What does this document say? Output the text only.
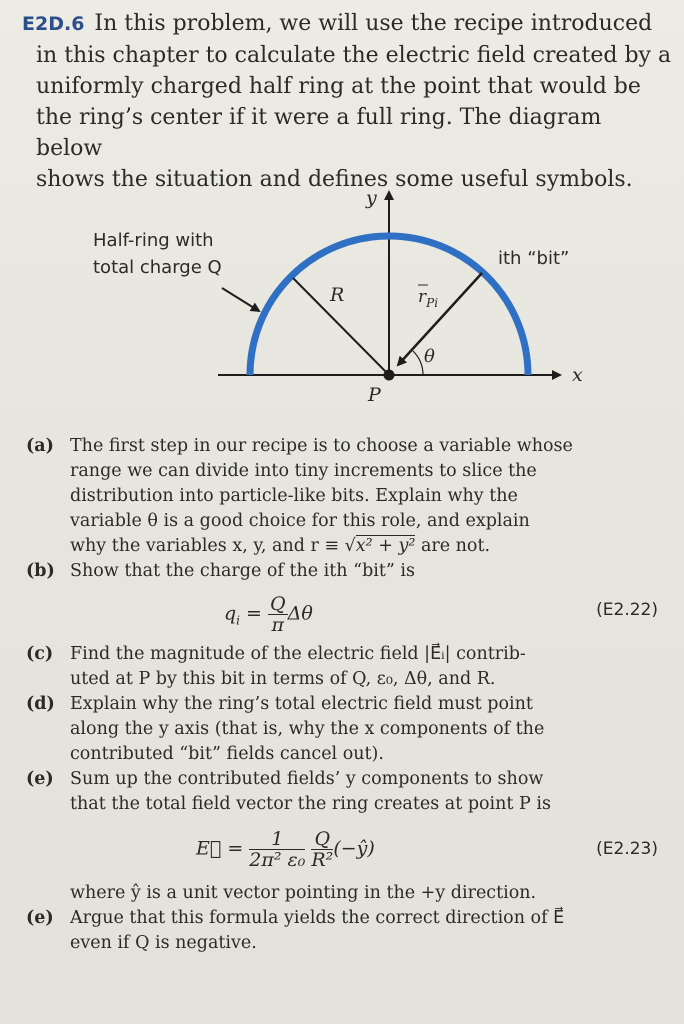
E2D.6 In this problem, we will use the recipe introduced
in this chapter to calculate the electric field created by a
uniformly charged half ring at the point that would be
the ring’s center if it were a full ring. The diagram below
shows the situation and defines some useful symbols.
x
y
R	$r_{Pi}$
θ
P
Half-ring with
total charge Q	ith “bit”
(a) The first step in our recipe is to choose a variable whose
range we can divide into tiny increments to slice the
distribution into particle-like bits. Explain why the
variable θ is a good choice for this role, and explain
why the variables x, y, and r ≡ √x² + y² are not.
(b) Show that the charge of the ith “bit” is
$q_i = \frac{Q}{\pi}$ Δθ	(E2.22)
(c) Find the magnitude of the electric field |E⃗ᵢ| contrib-
uted at P by this bit in terms of Q, ε₀, Δθ, and R.
(d) Explain why the ring’s total electric field must point
along the y axis (that is, why the x components of the
contributed “bit” fields cancel out).
(e) Sum up the contributed fields’ y components to show
that the total field vector the ring creates at point P is
E⃗ = $\frac{1}{\text{2π² ε₀}}$
$\frac{Q}{\text{R²}}$ (−ŷ)	(E2.23)
where ŷ is a unit vector pointing in the +y direction.
(e) Argue that this formula yields the correct direction of E⃗
even if Q is negative.
